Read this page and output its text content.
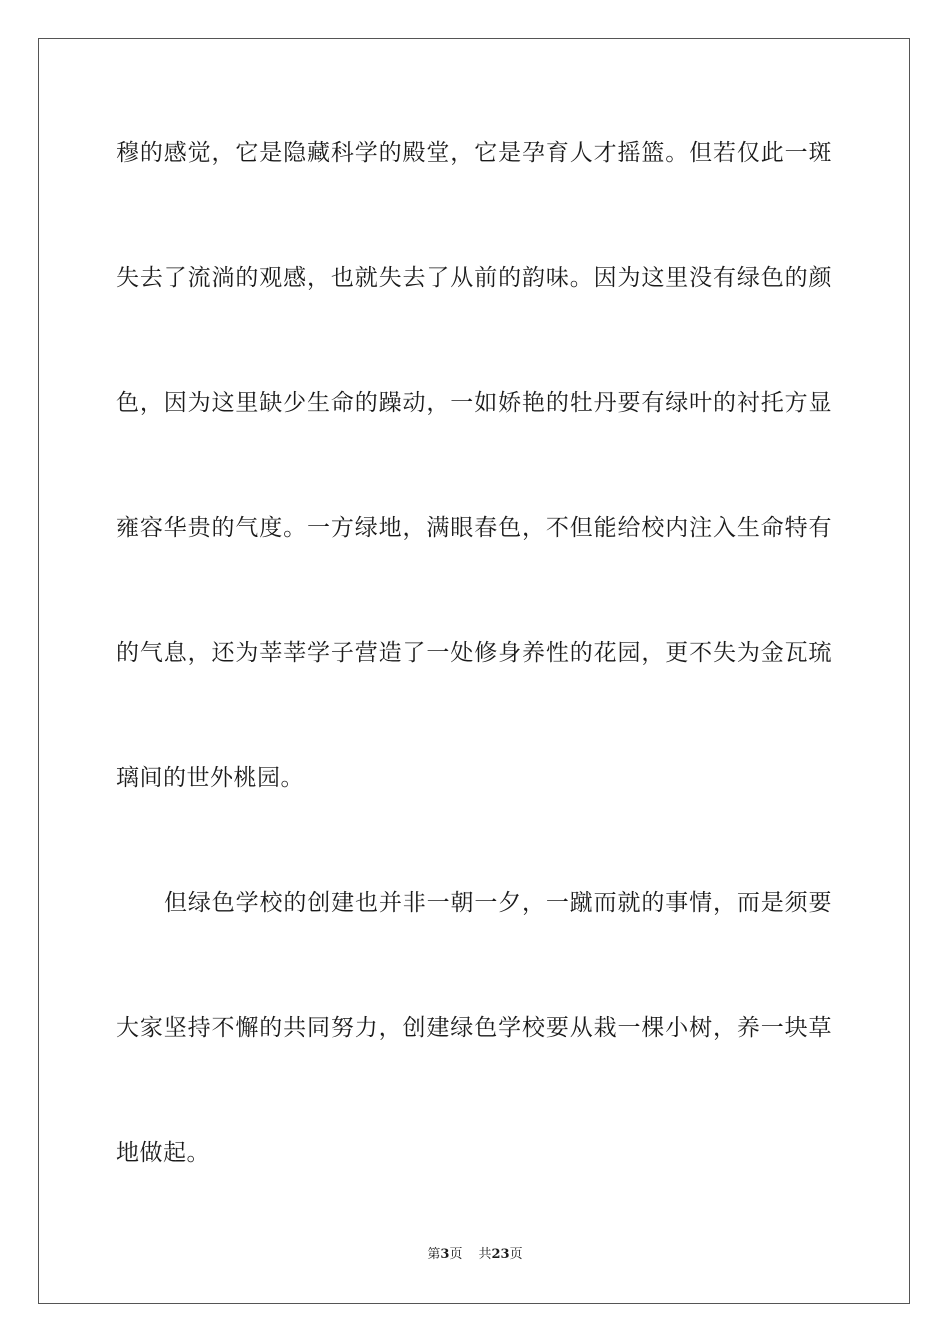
穆的感觉，它是隐藏科学的殿堂，它是孕育人才摇篮。但若仅此一斑
失去了流淌的观感，也就失去了从前的韵味。因为这里没有绿色的颜
色，因为这里缺少生命的躁动，一如娇艳的牡丹要有绿叶的衬托方显
雍容华贵的气度。一方绿地，满眼春色，不但能给校内注入生命特有
的气息，还为莘莘学子营造了一处修身养性的花园，更不失为金瓦琉
璃间的世外桃园。
但绿色学校的创建也并非一朝一夕，一蹴而就的事情，而是须要
大家坚持不懈的共同努力，创建绿色学校要从栽一棵小树，养一块草
地做起。
第3页 共23页
